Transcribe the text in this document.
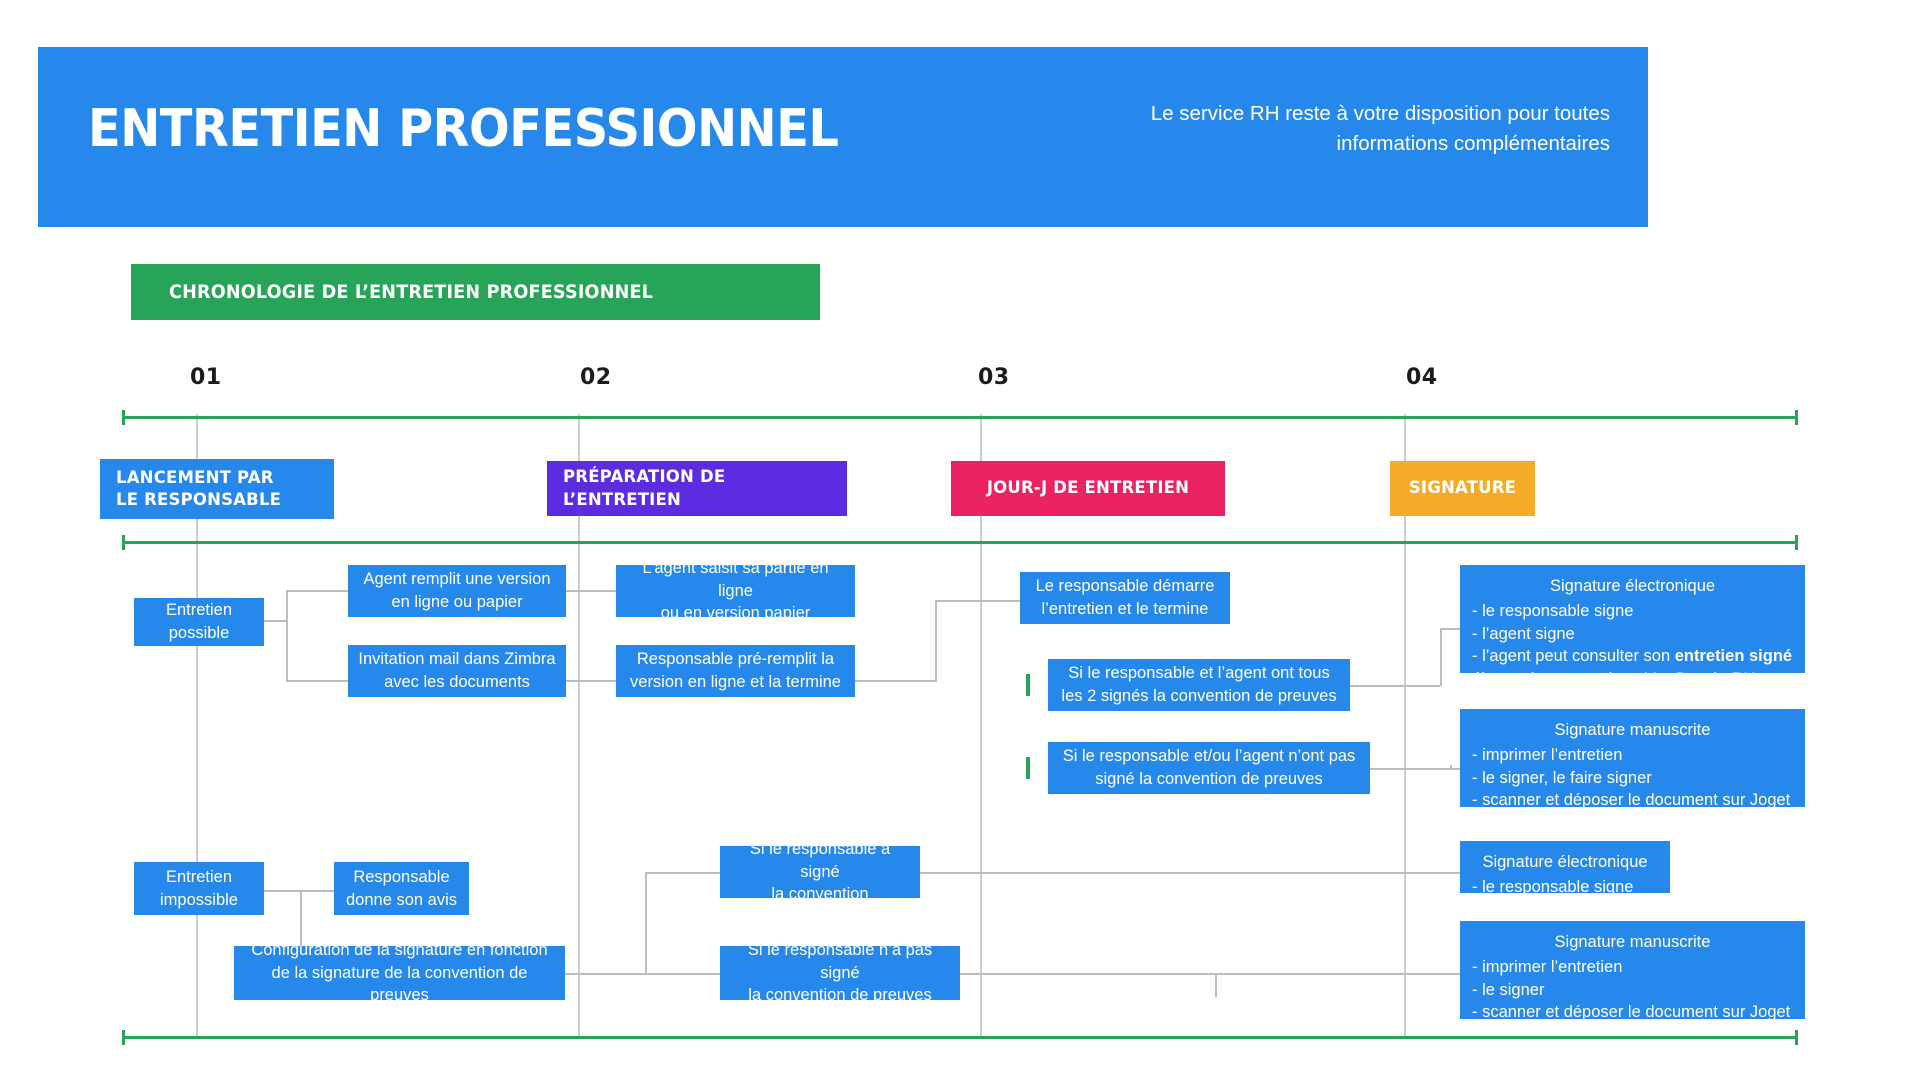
ENTRETIEN PROFESSIONNEL	Le service RH reste à votre disposition pour toutes
informations complémentaires
CHRONOLOGIE DE L’ENTRETIEN PROFESSIONNEL
01	02	03	04
LANCEMENT PAR
LE RESPONSABLE
PRÉPARATION DE L’ENTRETIEN
JOUR-J DE ENTRETIEN	SIGNATURE
Entretien
possible
Agent remplit une version
en ligne ou papier
Invitation mail dans Zimbra
avec les documents
L’agent saisit sa partie en ligne
ou en version papier
Responsable pré-remplit la
version en ligne et la termine
Le responsable démarre
l’entretien et le termine
Si le responsable et l’agent ont tous
les 2 signés la convention de preuves
Si le responsable et/ou l’agent n’ont pas
signé la convention de preuves
Signature électronique
- le responsable signe
- l’agent signe
- l’agent peut consulter son entretien signé
électroniquement dans MonDossierRH
Signature manuscrite
- imprimer l’entretien
- le signer, le faire signer
- scanner et déposer le document sur Joget
Entretien
impossible
Responsable
donne son avis
Configuration de la signature en fonction
de la signature de la convention de preuves
Si le responsable a signé
la convention
Si le responsable n’a pas signé
la convention de preuves
Signature électronique
- le responsable signe
Signature manuscrite
- imprimer l’entretien
- le signer
- scanner et déposer le document sur Joget
